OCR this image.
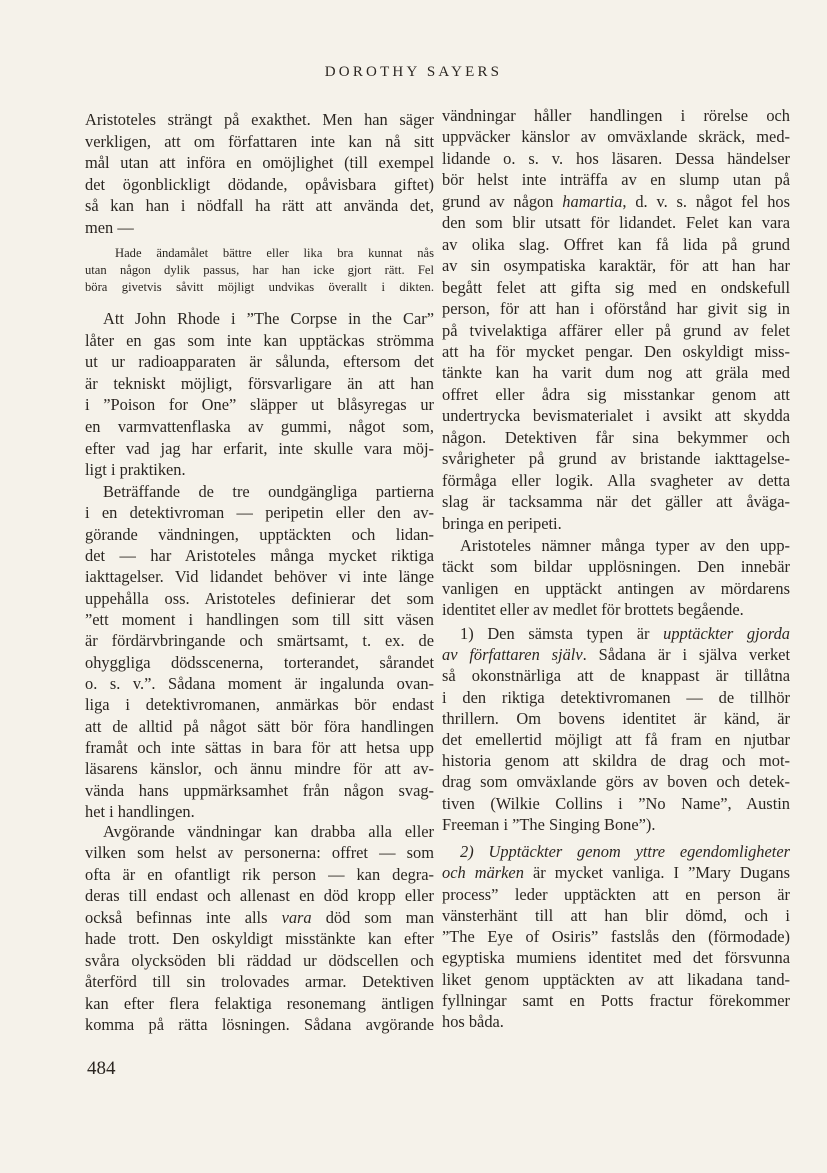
DOROTHY SAYERS
Aristoteles strängt på exakthet. Men han säger
verkligen, att om författaren inte kan nå sitt
mål utan att införa en omöjlighet (till exempel
det ögonblickligt dödande, opåvisbara giftet)
så kan han i nödfall ha rätt att använda det,
men —
Hade ändamålet bättre eller lika bra kunnat nås
utan någon dylik passus, har han icke gjort rätt. Fel
böra givetvis såvitt möjligt undvikas överallt i dikten.
Att John Rhode i ”The Corpse in the Car”
låter en gas som inte kan upptäckas strömma
ut ur radioapparaten är sålunda, eftersom det
är tekniskt möjligt, försvarligare än att han
i ”Poison for One” släpper ut blåsyregas ur
en varmvattenflaska av gummi, något som,
efter vad jag har erfarit, inte skulle vara möj-
ligt i praktiken.
Beträffande de tre oundgängliga partierna
i en detektivroman — peripetin eller den av-
görande vändningen, upptäckten och lidan-
det — har Aristoteles många mycket riktiga
iakttagelser. Vid lidandet behöver vi inte länge
uppehålla oss. Aristoteles definierar det som
”ett moment i handlingen som till sitt väsen
är fördärvbringande och smärtsamt, t. ex. de
ohyggliga dödsscenerna, torterandet, sårandet
o. s. v.”. Sådana moment är ingalunda ovan-
liga i detektivromanen, anmärkas bör endast
att de alltid på något sätt bör föra handlingen
framåt och inte sättas in bara för att hetsa upp
läsarens känslor, och ännu mindre för att av-
vända hans uppmärksamhet från någon svag-
het i handlingen.
Avgörande vändningar kan drabba alla eller
vilken som helst av personerna: offret — som
ofta är en ofantligt rik person — kan degra-
deras till endast och allenast en död kropp eller
också befinnas inte alls vara död som man
hade trott. Den oskyldigt misstänkte kan efter
svåra olycksöden bli räddad ur dödscellen och
återförd till sin trolovades armar. Detektiven
kan efter flera felaktiga resonemang äntligen
komma på rätta lösningen. Sådana avgörande
vändningar håller handlingen i rörelse och
uppväcker känslor av omväxlande skräck, med-
lidande o. s. v. hos läsaren. Dessa händelser
bör helst inte inträffa av en slump utan på
grund av någon hamartia, d. v. s. något fel hos
den som blir utsatt för lidandet. Felet kan vara
av olika slag. Offret kan få lida på grund
av sin osympatiska karaktär, för att han har
begått felet att gifta sig med en ondskefull
person, för att han i oförstånd har givit sig in
på tvivelaktiga affärer eller på grund av felet
att ha för mycket pengar. Den oskyldigt miss-
tänkte kan ha varit dum nog att gräla med
offret eller ådra sig misstankar genom att
undertrycka bevismaterialet i avsikt att skydda
någon. Detektiven får sina bekymmer och
svårigheter på grund av bristande iakttagelse-
förmåga eller logik. Alla svagheter av detta
slag är tacksamma när det gäller att åväga-
bringa en peripeti.
Aristoteles nämner många typer av den upp-
täckt som bildar upplösningen. Den innebär
vanligen en upptäckt antingen av mördarens
identitet eller av medlet för brottets begående.
1) Den sämsta typen är upptäckter gjorda
av författaren själv. Sådana är i själva verket
så okonstnärliga att de knappast är tillåtna
i den riktiga detektivromanen — de tillhör
thrillern. Om bovens identitet är känd, är
det emellertid möjligt att få fram en njutbar
historia genom att skildra de drag och mot-
drag som omväxlande görs av boven och detek-
tiven (Wilkie Collins i ”No Name”, Austin
Freeman i ”The Singing Bone”).
2) Upptäckter genom yttre egendomligheter
och märken är mycket vanliga. I ”Mary Dugans
process” leder upptäckten att en person är
vänsterhänt till att han blir dömd, och i
”The Eye of Osiris” fastslås den (förmodade)
egyptiska mumiens identitet med det försvunna
liket genom upptäckten av att likadana tand-
fyllningar samt en Potts fractur förekommer
hos båda.
484
